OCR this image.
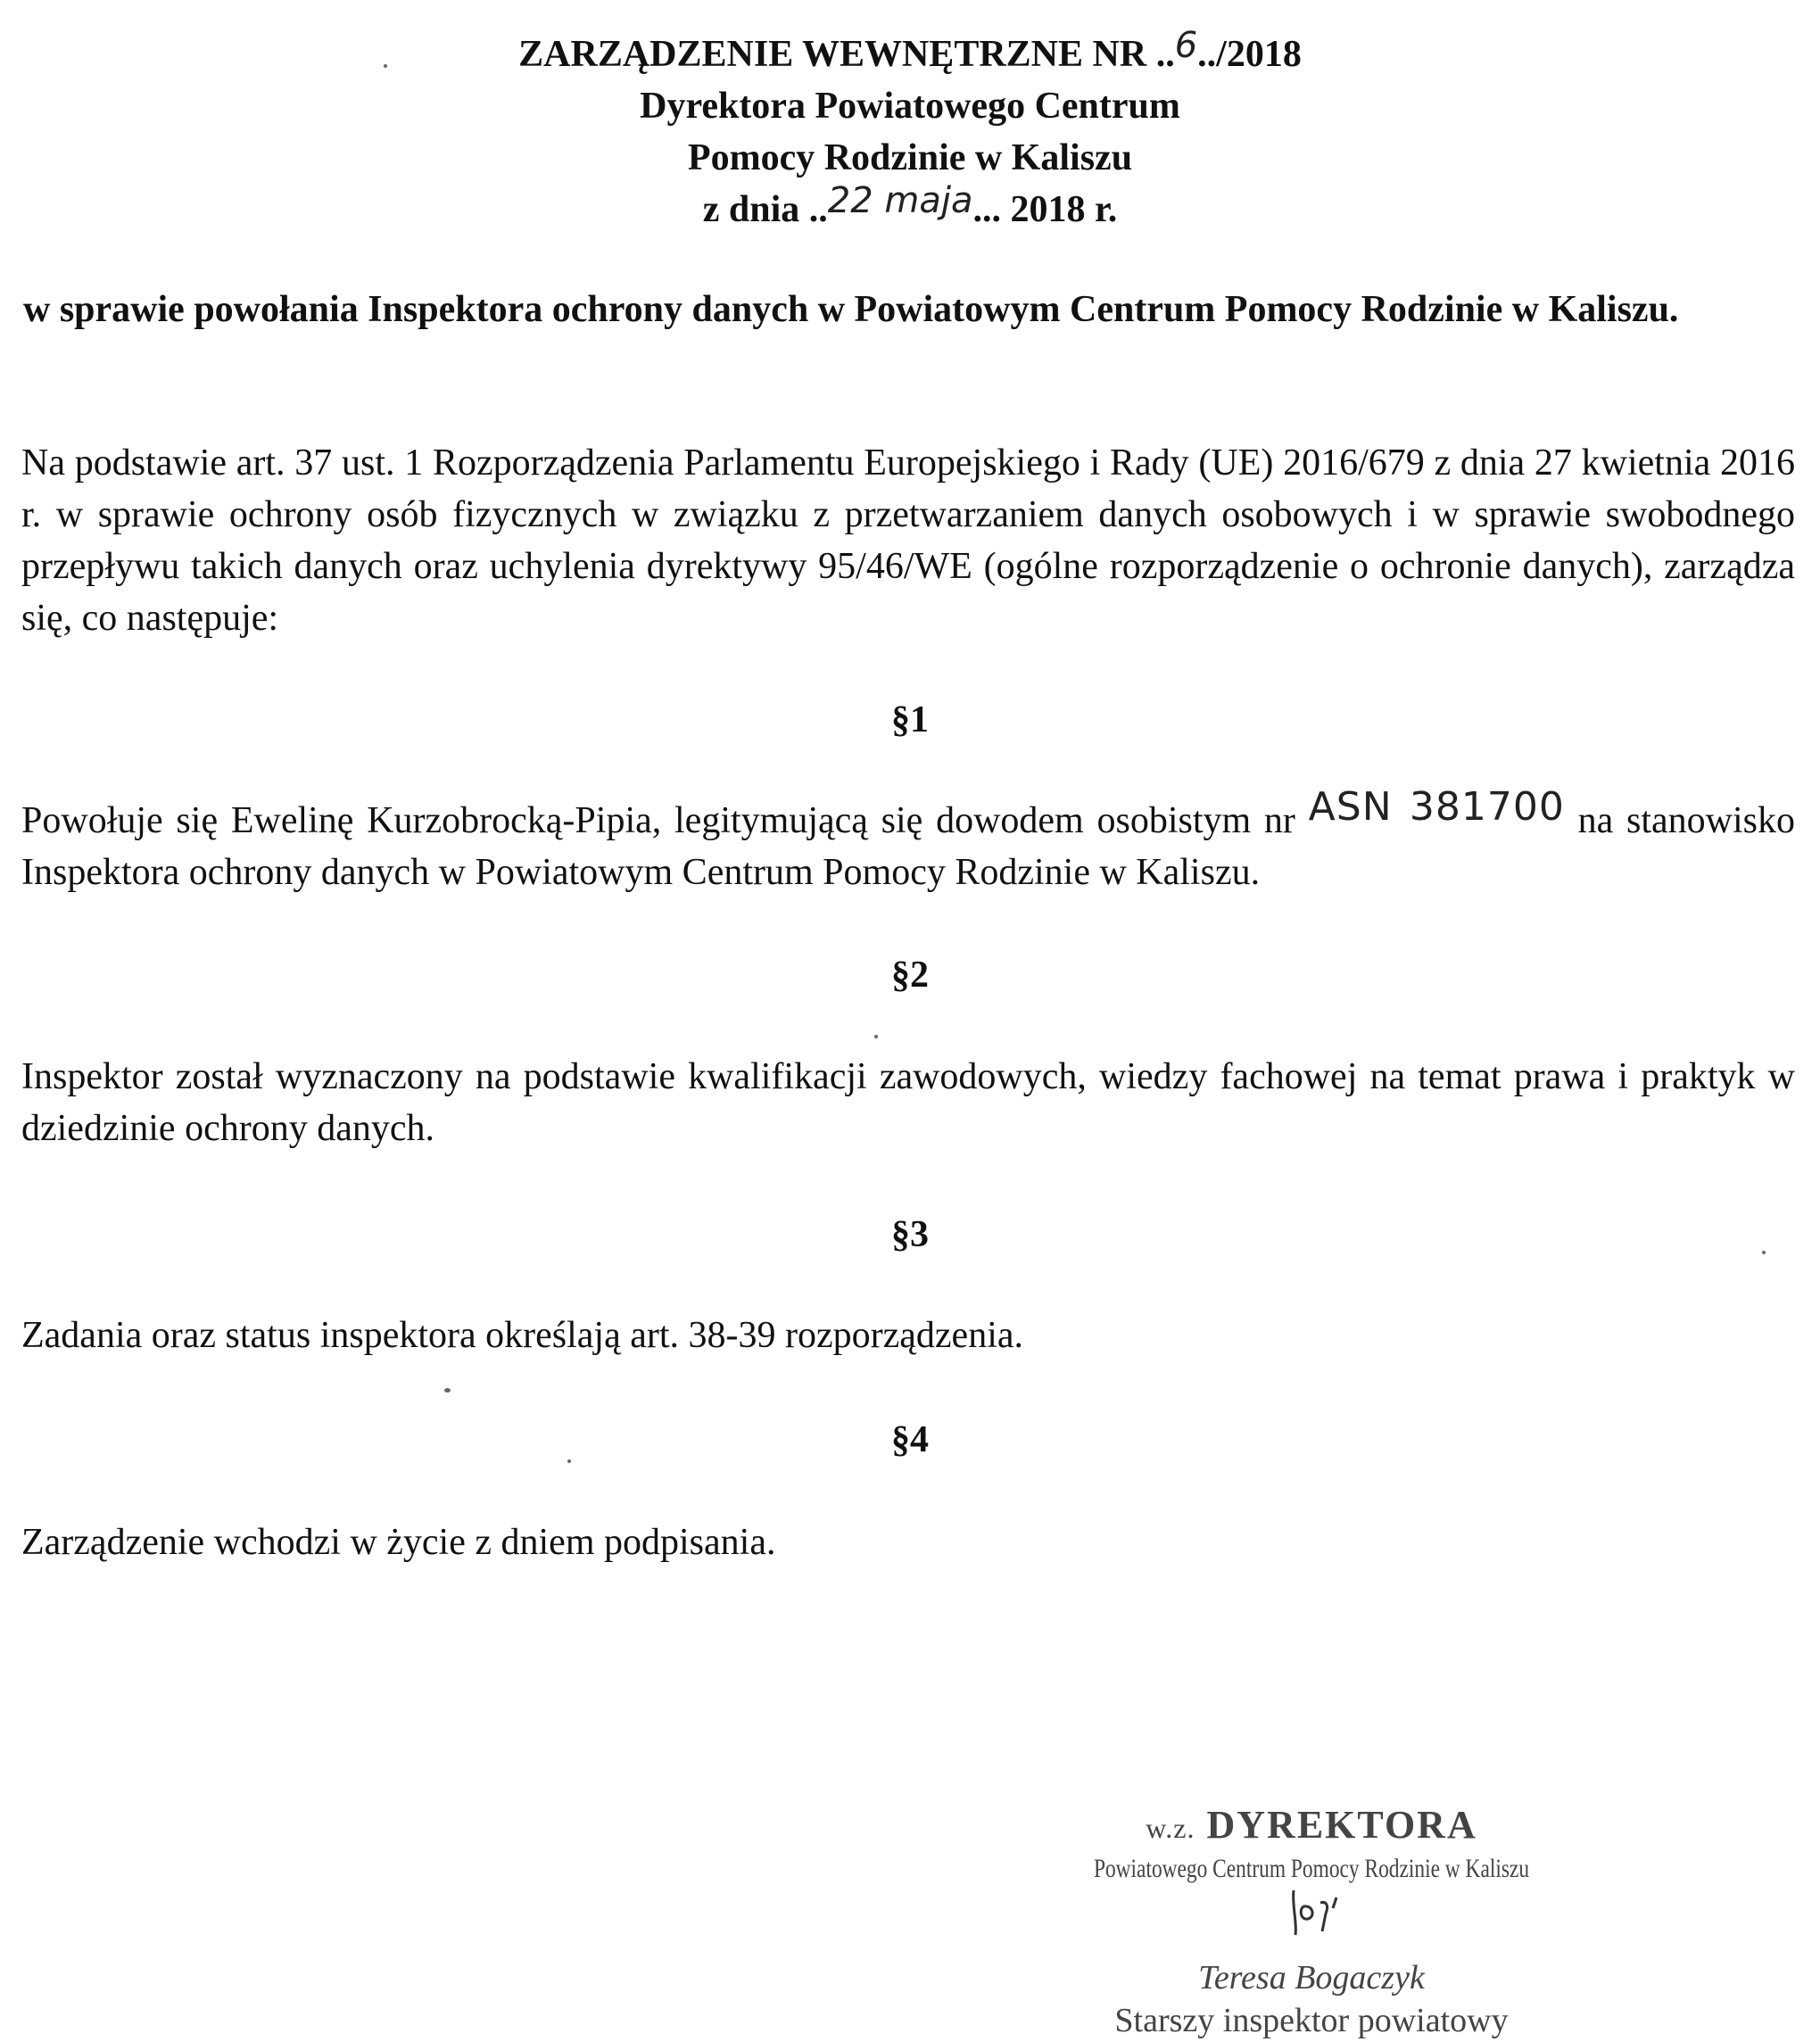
ZARZĄDZENIE WEWNĘTRZNE NR ..6../2018
Dyrektora Powiatowego Centrum
Pomocy Rodzinie w Kaliszu
z dnia ..22 maja... 2018 r.
w sprawie powołania Inspektora ochrony danych w Powiatowym Centrum Pomocy Rodzinie w Kaliszu.
Na podstawie art. 37 ust. 1 Rozporządzenia Parlamentu Europejskiego i Rady (UE) 2016/679 z dnia 27 kwietnia 2016 r. w sprawie ochrony osób fizycznych w związku z przetwarzaniem danych osobowych i w sprawie swobodnego przepływu takich danych oraz uchylenia dyrektywy 95/46/WE (ogólne rozporządzenie o ochronie danych), zarządza się, co następuje:
§1
Powołuje się Ewelinę Kurzobrocką-Pipia, legitymującą się dowodem osobistym nr ASN 381700 na stanowisko Inspektora ochrony danych w Powiatowym Centrum Pomocy Rodzinie w Kaliszu.
§2
Inspektor został wyznaczony na podstawie kwalifikacji zawodowych, wiedzy fachowej na temat prawa i praktyk w dziedzinie ochrony danych.
§3
Zadania oraz status inspektora określają art. 38-39 rozporządzenia.
§4
Zarządzenie wchodzi w życie z dniem podpisania.
w.z. DYREKTORA
Powiatowego Centrum Pomocy Rodzinie w Kaliszu
Teresa Bogaczyk
Starszy inspektor powiatowy
